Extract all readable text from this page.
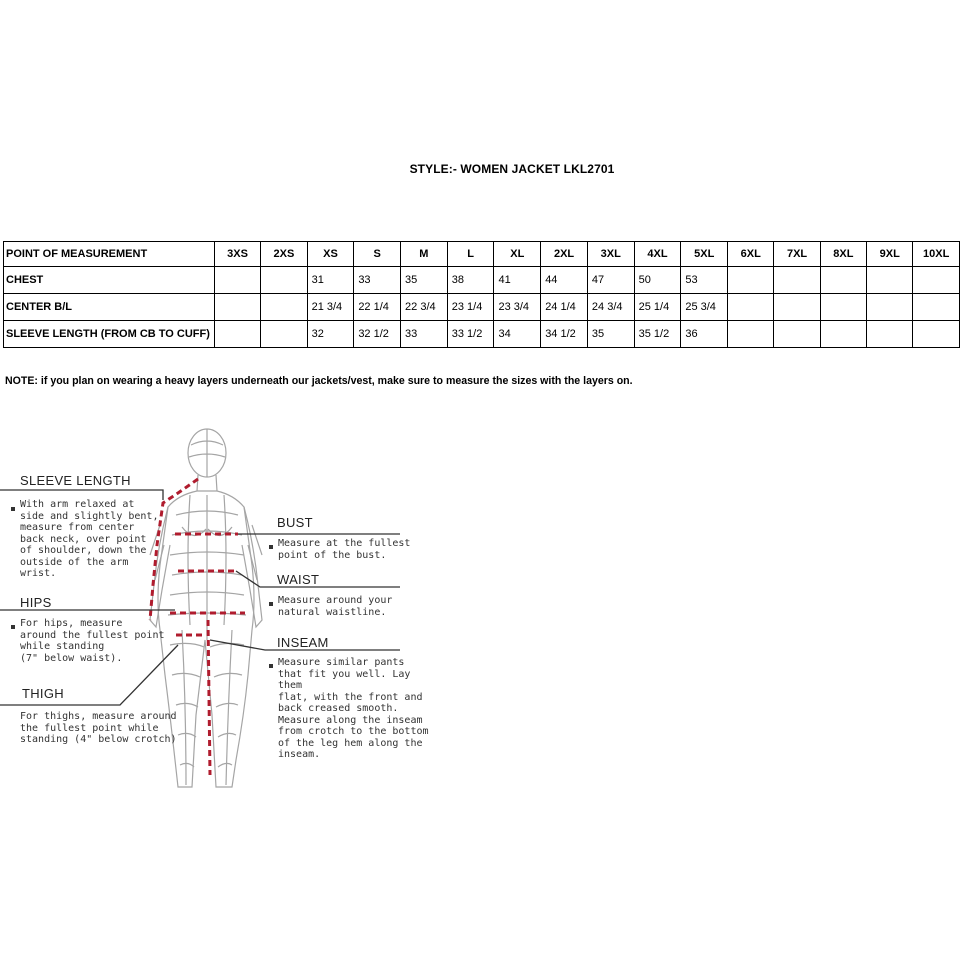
STYLE:- WOMEN JACKET LKL2701
POINT OF MEASUREMENT	3XS	2XS	XS	S	M	L	XL	2XL	3XL	4XL	5XL	6XL	7XL	8XL	9XL	10XL
CHEST			31	33	35	38	41	44	47	50	53					
CENTER B/L			21 3/4	22 1/4	22 3/4	23 1/4	23 3/4	24 1/4	24 3/4	25 1/4	25 3/4					
SLEEVE LENGTH (FROM CB TO CUFF)			32	32 1/2	33	33 1/2	34	34 1/2	35	35 1/2	36					
NOTE: if you plan on wearing a heavy layers underneath our jackets/vest, make sure to measure the sizes with the layers on.
SLEEVE LENGTH
With arm relaxed at
side and slightly bent,
measure from center
back neck, over point
of shoulder, down the
outside of the arm
wrist.
HIPS
For hips, measure
around the fullest point
while standing
(7" below waist).
THIGH
For thighs, measure around
the fullest point while
standing (4" below crotch)
BUST
Measure at the fullest
point of the bust.
WAIST
Measure around your
natural waistline.
INSEAM
Measure similar pants
that fit you well. Lay them
flat, with the front and
back creased smooth.
Measure along the inseam
from crotch to the bottom
of the leg hem along the
inseam.
